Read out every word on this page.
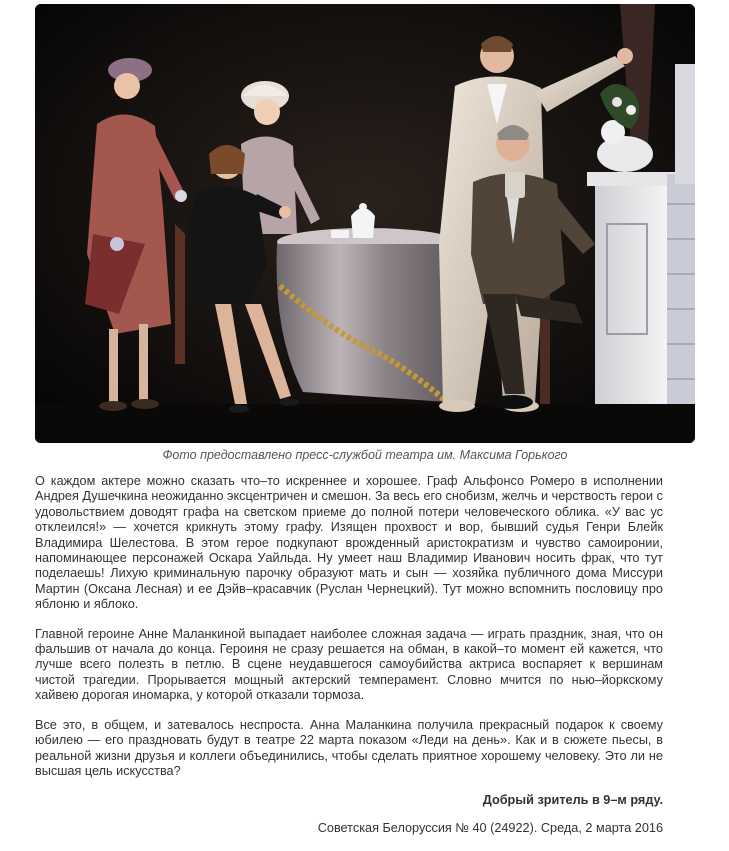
Фото предоставлено пресс-службой театра им. Максима Горького

О каждом актере можно сказать что–то искреннее и хорошее. Граф Альфонсо Ромеро в исполнении Андрея Душечкина неожиданно эксцентричен и смешон. За весь его снобизм, желчь и черствость герои с удовольствием доводят графа на светском приеме до полной потери человеческого облика. «У вас ус отклеился!» — хочется крикнуть этому графу. Изящен прохвост и вор, бывший судья Генри Блейк Владимира Шелестова. В этом герое подкупают врожденный аристократизм и чувство самоиронии, напоминающее персонажей Оскара Уайльда. Ну умеет наш Владимир Иванович носить фрак, что тут поделаешь! Лихую криминальную парочку образуют мать и сын — хозяйка публичного дома Миссури Мартин (Оксана Лесная) и ее Дэйв–красавчик (Руслан Чернецкий). Тут можно вспомнить пословицу про яблоню и яблоко.

Главной героине Анне Маланкиной выпадает наиболее сложная задача — играть праздник, зная, что он фальшив от начала до конца. Героиня не сразу решается на обман, в какой–то момент ей кажется, что лучше всего полезть в петлю. В сцене неудавшегося самоубийства актриса воспаряет к вершинам чистой трагедии. Прорывается мощный актерский темперамент. Словно мчится по нью–йоркскому хайвею дорогая иномарка, у которой отказали тормоза.

Все это, в общем, и затевалось неспроста. Анна Маланкина получила прекрасный подарок к своему юбилею — его праздновать будут в театре 22 марта показом «Леди на день». Как и в сюжете пьесы, в реальной жизни друзья и коллеги объединились, чтобы сделать приятное хорошему человеку. Это ли не высшая цель искусства?

Добрый зритель в 9–м ряду.

Советская Белоруссия № 40 (24922). Среда, 2 марта 2016
